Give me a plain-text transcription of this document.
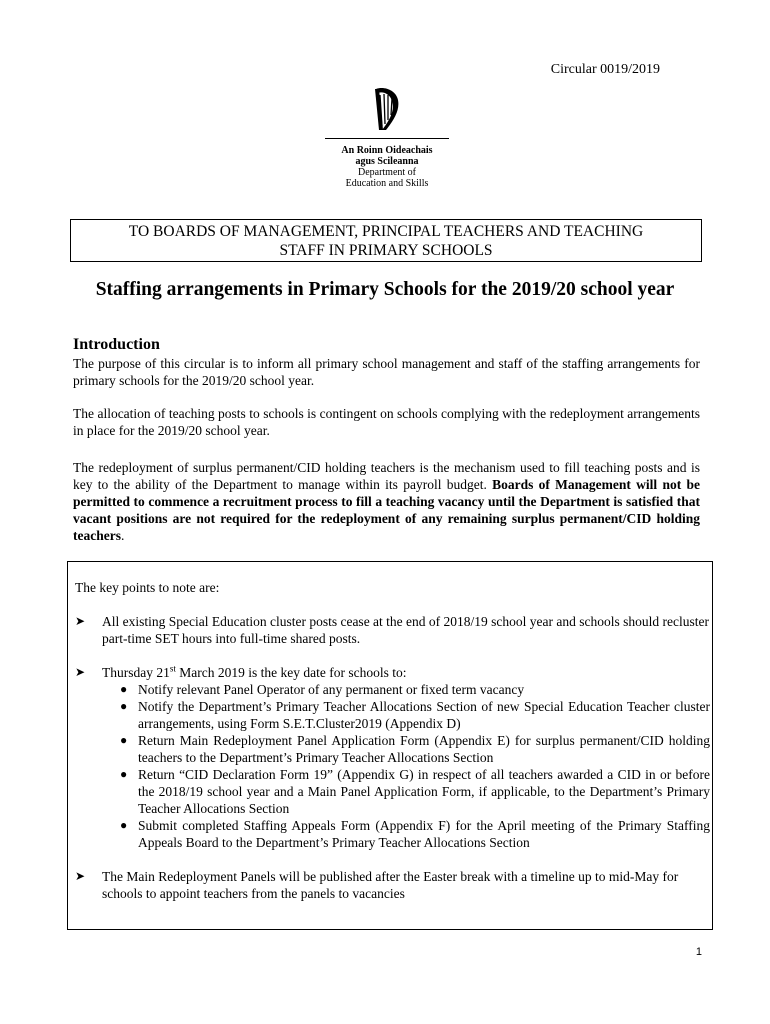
Circular 0019/2019
An Roinn Oideachais
agus Scileanna
Department of
Education and Skills
TO BOARDS OF MANAGEMENT, PRINCIPAL TEACHERS AND TEACHING
STAFF IN PRIMARY SCHOOLS
Staffing arrangements in Primary Schools for the 2019/20 school year
Introduction
The purpose of this circular is to inform all primary school management and staff of the staffing arrangements for primary schools for the 2019/20 school year.
The allocation of teaching posts to schools is contingent on schools complying with the redeployment arrangements in place for the 2019/20 school year.
The redeployment of surplus permanent/CID holding teachers is the mechanism used to fill teaching posts and is key to the ability of the Department to manage within its payroll budget. Boards of Management will not be permitted to commence a recruitment process to fill a teaching vacancy until the Department is satisfied that vacant positions are not required for the redeployment of any remaining surplus permanent/CID holding teachers.
The key points to note are:
➤ All existing Special Education cluster posts cease at the end of 2018/19 school year and schools should recluster part-time SET hours into full-time shared posts.
➤ Thursday 21st March 2019 is the key date for schools to:
● Notify relevant Panel Operator of any permanent or fixed term vacancy
● Notify the Department’s Primary Teacher Allocations Section of new Special Education Teacher cluster arrangements, using Form S.E.T.Cluster2019 (Appendix D)
● Return Main Redeployment Panel Application Form (Appendix E) for surplus permanent/CID holding teachers to the Department’s Primary Teacher Allocations Section
● Return “CID Declaration Form 19” (Appendix G) in respect of all teachers awarded a CID in or before the 2018/19 school year and a Main Panel Application Form, if applicable, to the Department’s Primary Teacher Allocations Section
● Submit completed Staffing Appeals Form (Appendix F) for the April meeting of the Primary Staffing Appeals Board to the Department’s Primary Teacher Allocations Section
➤ The Main Redeployment Panels will be published after the Easter break with a timeline up to mid-May for schools to appoint teachers from the panels to vacancies
1
